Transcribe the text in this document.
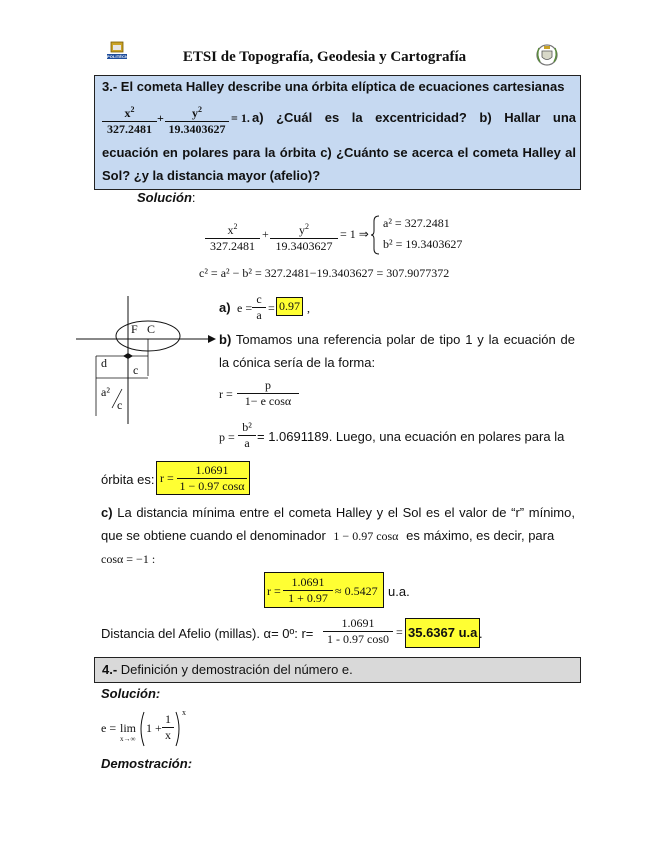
POLITÉCNICA	ETSI de Topografía, Geodesia y Cartografía
3.- El cometa Halley describe una órbita elíptica de ecuaciones cartesianas
$\frac{x^2}{327.2481} + \frac{y^2}{19.3403627} = 1$. a) ¿Cuál es la excentricidad? b) Hallar una
ecuación en polares para la órbita c) ¿Cuánto se acerca el cometa Halley al
Sol? ¿y la distancia mayor (afelio)?
Solución:
$\frac{x^2}{327.2481} + \frac{y^2}{19.3403627} = 1$ ⇒
a² = 327.2481
b² = 19.3403627
c² = a² − b² = 327.2481−19.3403627 = 307.9077372
F C
d c
a²
c
a) $e = \frac{c}{a} = 0.97$ ,
b) Tomamos una referencia polar de tipo 1 y la ecuación de
la cónica sería de la forma:
$r = \frac{p}{\text{1− e cosα}}$
$p = \frac{\text{b²}}{a} = 1.0691189$. Luego, una ecuación en polares para la
órbita es: $r = \frac{1.0691}{1 - 0.97 \cos\alpha}$
c) La distancia mínima entre el cometa Halley y el Sol es el valor de “r” mínimo,
que se obtiene cuando el denominador 1 − 0.97 cosα es máximo, es decir, para
cosα = −1 :
$r = \frac{1.0691}{1 + 0.97} \approx 0.5427$ u.a.
Distancia del Afelio (millas). α= 0º: $r= \frac{1.0691}{1 - 0.97 \cos 0} = 35.6367$ u.a .
4.- Definición y demostración del número e.
Solución:
e = lim
x→∞
$1 + \frac{1}{x}$ x
Demostración:
